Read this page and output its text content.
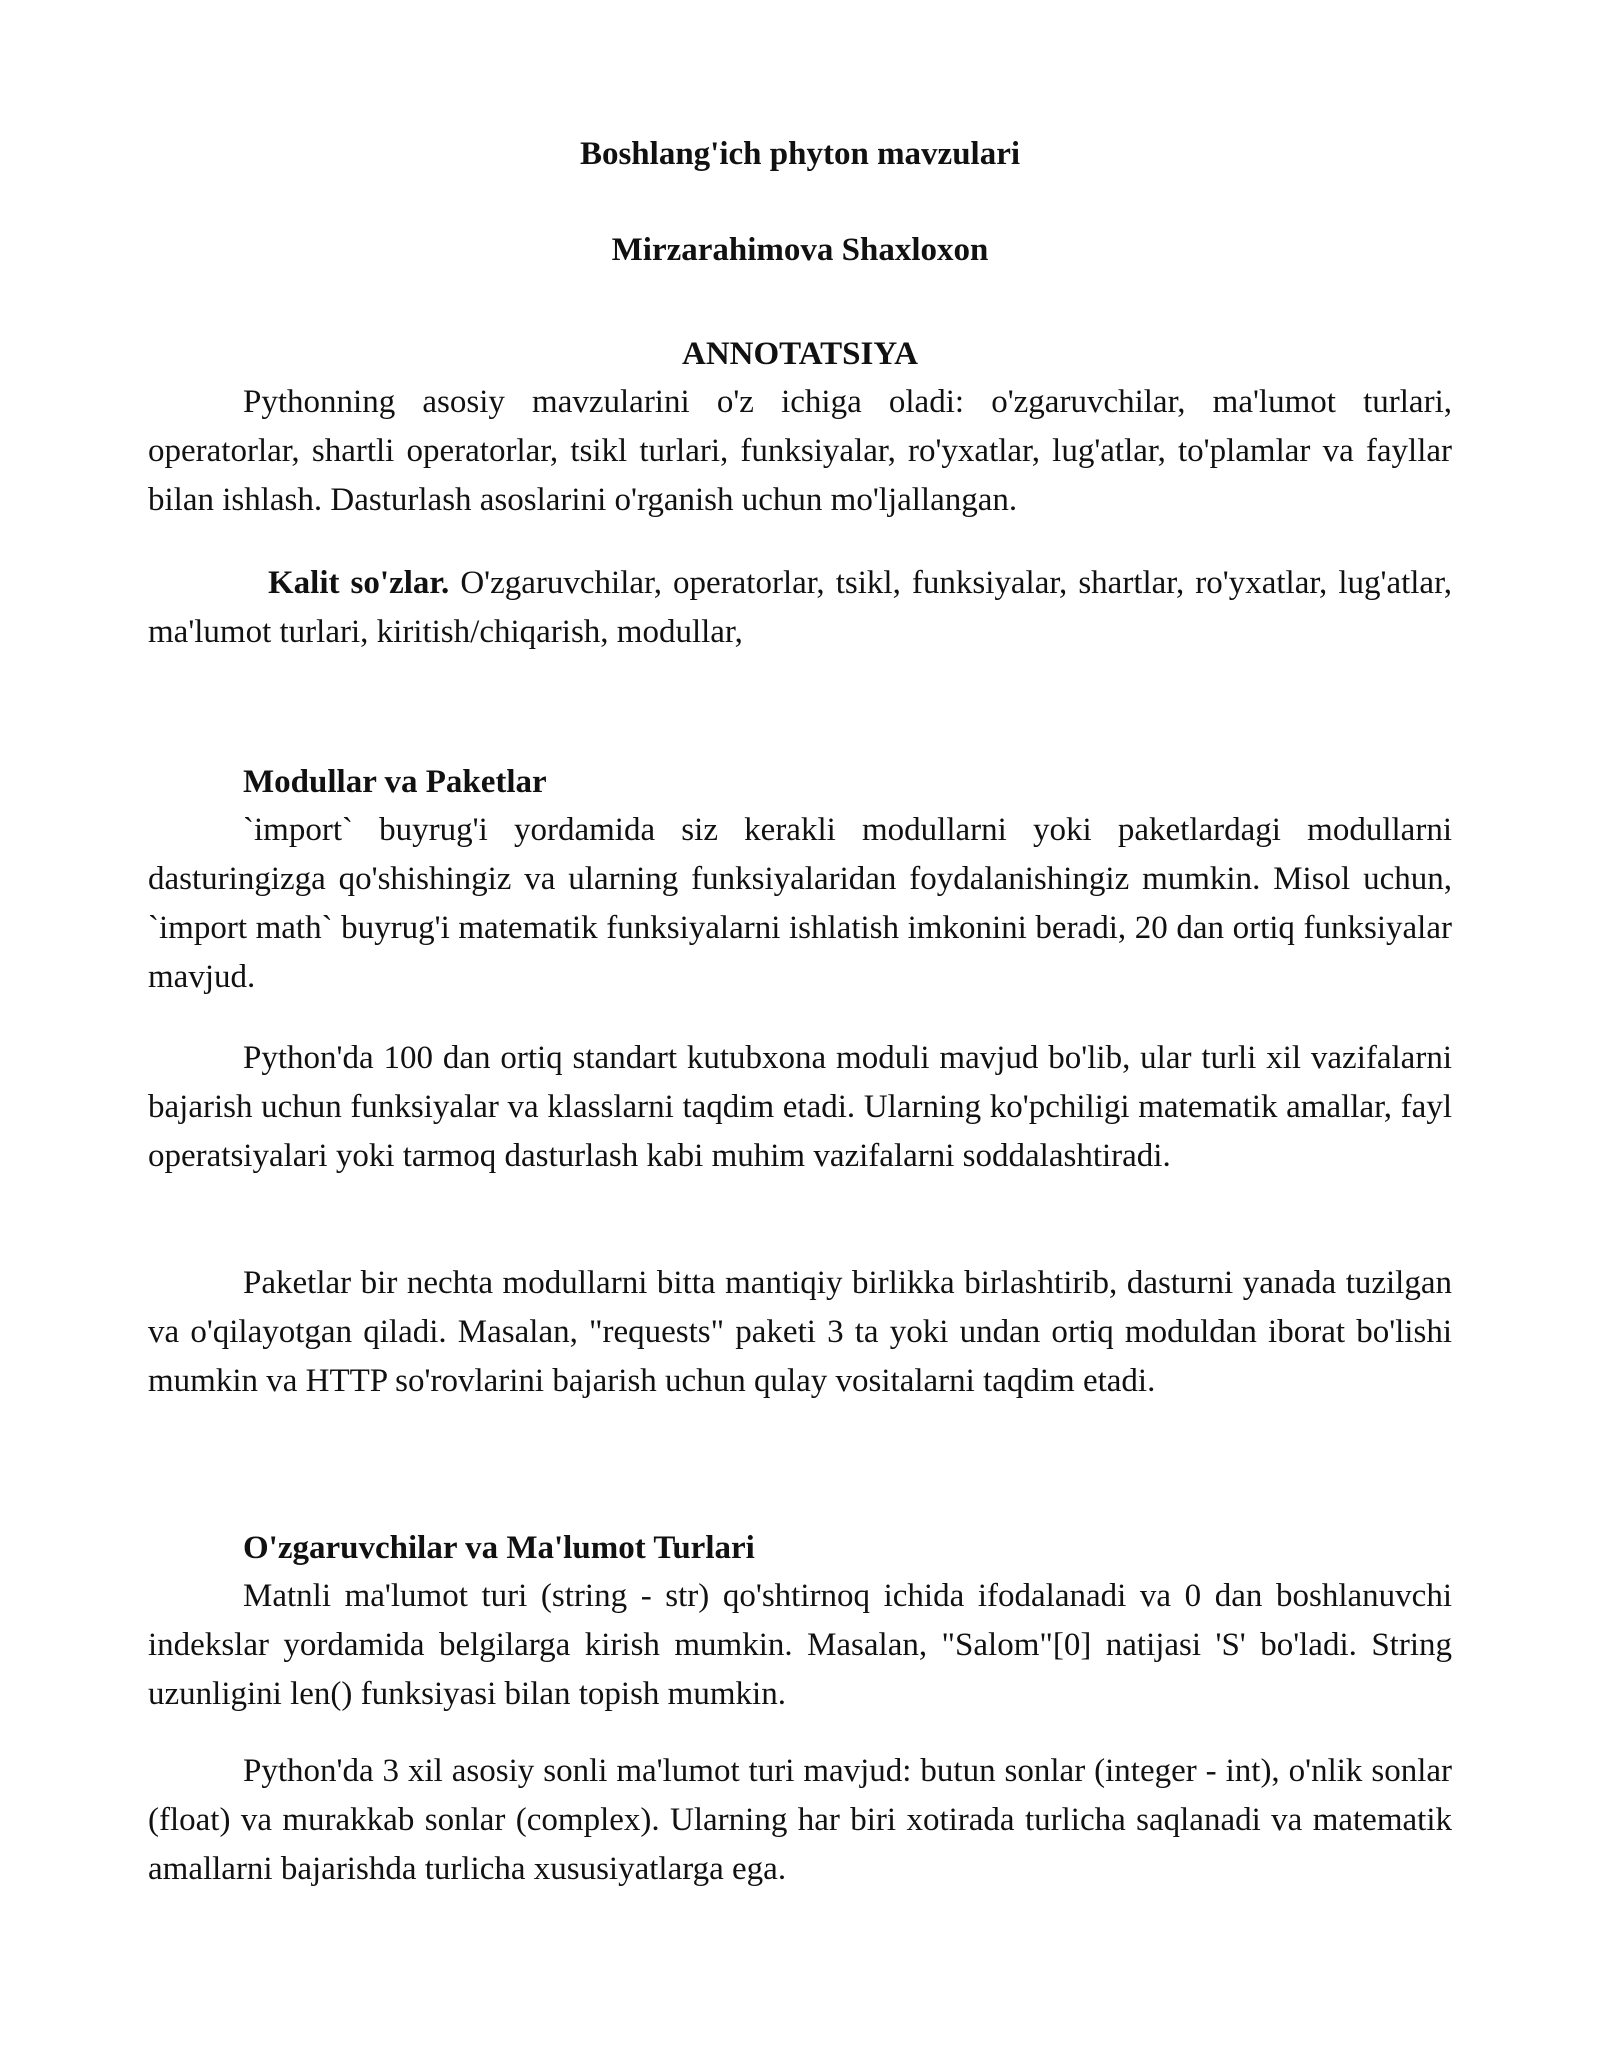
Boshlang'ich phyton mavzulari
Mirzarahimova Shaxloxon
ANNOTATSIYA
Pythonning asosiy mavzularini o'z ichiga oladi: o'zgaruvchilar, ma'lumot turlari, operatorlar, shartli operatorlar, tsikl turlari, funksiyalar, ro'yxatlar, lug'atlar, to'plamlar va fayllar bilan ishlash. Dasturlash asoslarini o'rganish uchun mo'ljallangan.
Kalit so'zlar. O'zgaruvchilar, operatorlar, tsikl, funksiyalar, shartlar, ro'yxatlar, lug'atlar, ma'lumot turlari, kiritish/chiqarish, modullar,
Modullar va Paketlar
`import` buyrug'i yordamida siz kerakli modullarni yoki paketlardagi modullarni dasturingizga qo'shishingiz va ularning funksiyalaridan foydalanishingiz mumkin. Misol uchun, `import math` buyrug'i matematik funksiyalarni ishlatish imkonini beradi, 20 dan ortiq funksiyalar mavjud.
Python'da 100 dan ortiq standart kutubxona moduli mavjud bo'lib, ular turli xil vazifalarni bajarish uchun funksiyalar va klasslarni taqdim etadi. Ularning ko'pchiligi matematik amallar, fayl operatsiyalari yoki tarmoq dasturlash kabi muhim vazifalarni soddalashtiradi.
Paketlar bir nechta modullarni bitta mantiqiy birlikka birlashtirib, dasturni yanada tuzilgan va o'qilayotgan qiladi. Masalan, "requests" paketi 3 ta yoki undan ortiq moduldan iborat bo'lishi mumkin va HTTP so'rovlarini bajarish uchun qulay vositalarni taqdim etadi.
O'zgaruvchilar va Ma'lumot Turlari
Matnli ma'lumot turi (string - str) qo'shtirnoq ichida ifodalanadi va 0 dan boshlanuvchi indekslar yordamida belgilarga kirish mumkin. Masalan, "Salom"[0] natijasi 'S' bo'ladi. String uzunligini len() funksiyasi bilan topish mumkin.
Python'da 3 xil asosiy sonli ma'lumot turi mavjud: butun sonlar (integer - int), o'nlik sonlar (float) va murakkab sonlar (complex). Ularning har biri xotirada turlicha saqlanadi va matematik amallarni bajarishda turlicha xususiyatlarga ega.
